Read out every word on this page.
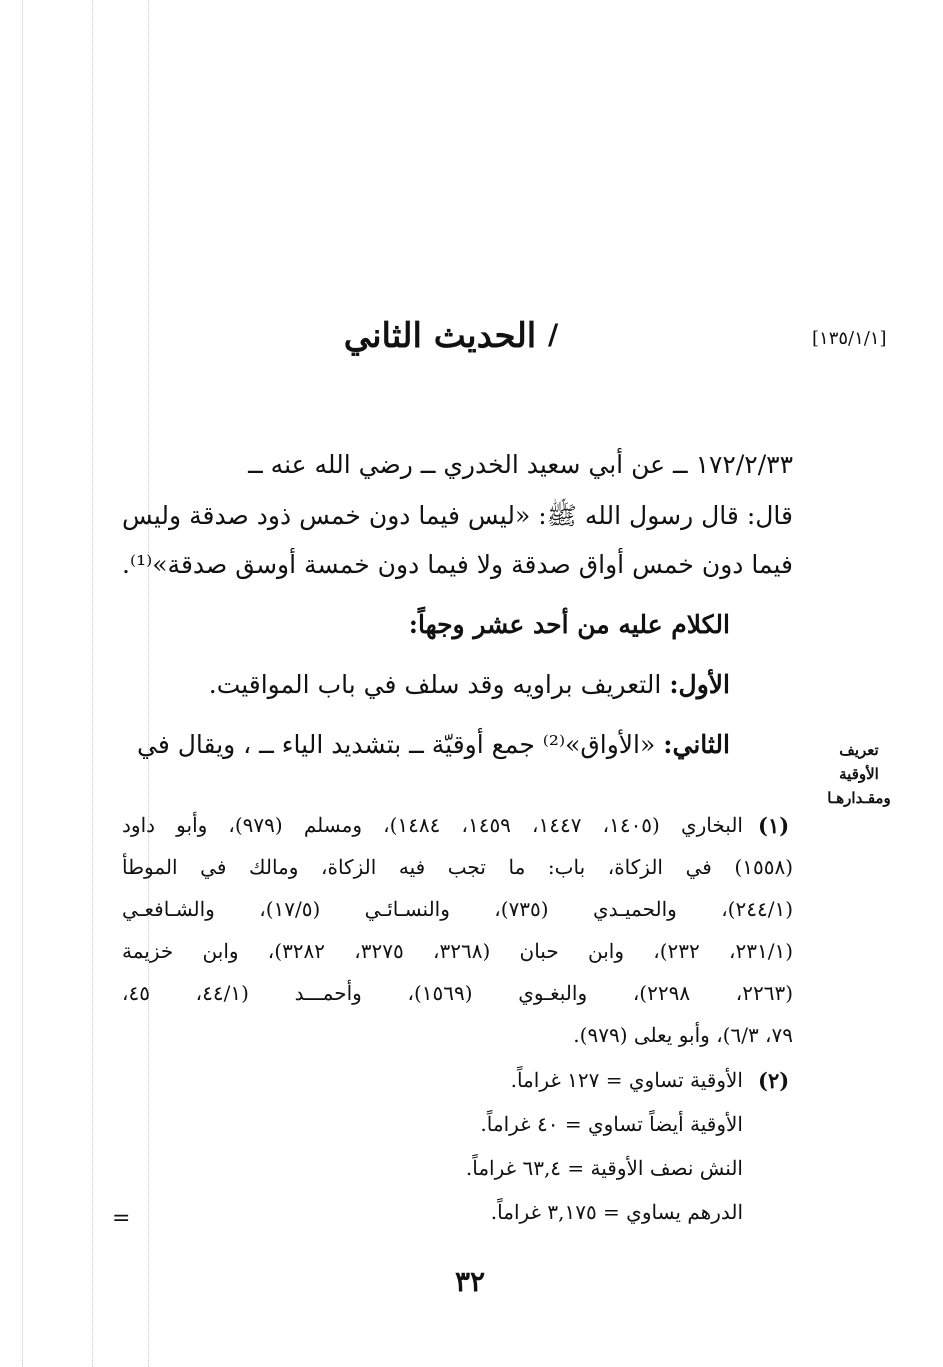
[١٣٥/١/١]
/
الحديث الثاني
١٧٢/٢/٣٣ ــ عن أبي سعيد الخدري ــ رضي الله عنه ــ
قال: قال رسول الله ﷺ: «ليس فيما دون خمس ذود صدقة وليس
فيما دون خمس أواق صدقة ولا فيما دون خمسة أوسق صدقة»⁽¹⁾.
الكلام عليه من أحد عشر وجهاً:
الأول: التعريف براويه وقد سلف في باب المواقيت.
الثاني: «الأواق»⁽²⁾ جمع أوقيّة ــ بتشديد الياء ــ ، ويقال في	تعريف الأوقية
ومقـدارهـا
(١)
البخاري (١٤٠٥، ١٤٤٧، ١٤٥٩، ١٤٨٤)، ومسلم (٩٧٩)، وأبو داود
(١٥٥٨) في الزكاة، باب: ما تجب فيه الزكاة، ومالك في الموطأ
(٢٤٤/١)، والحميـدي (٧٣٥)، والنسـائـي (١٧/٥)، والشـافعـي
(٢٣١/١، ٢٣٢)، وابن حبان (٣٢٦٨، ٣٢٧٥، ٣٢٨٢)، وابن خزيمة
(٢٢٦٣، ٢٢٩٨)، والبغـوي (١٥٦٩)، وأحمـــد (٤٤/١، ٤٥،
٧٩، ٦/٣)، وأبو يعلى (٩٧٩).
(٢)
الأوقية تساوي = ١٢٧ غراماً.
الأوقية أيضاً تساوي = ٤٠ غراماً.
النش نصف الأوقية = ٦٣,٤ غراماً.
الدرهم يساوي = ٣,١٧٥ غراماً.
=
٣٢
